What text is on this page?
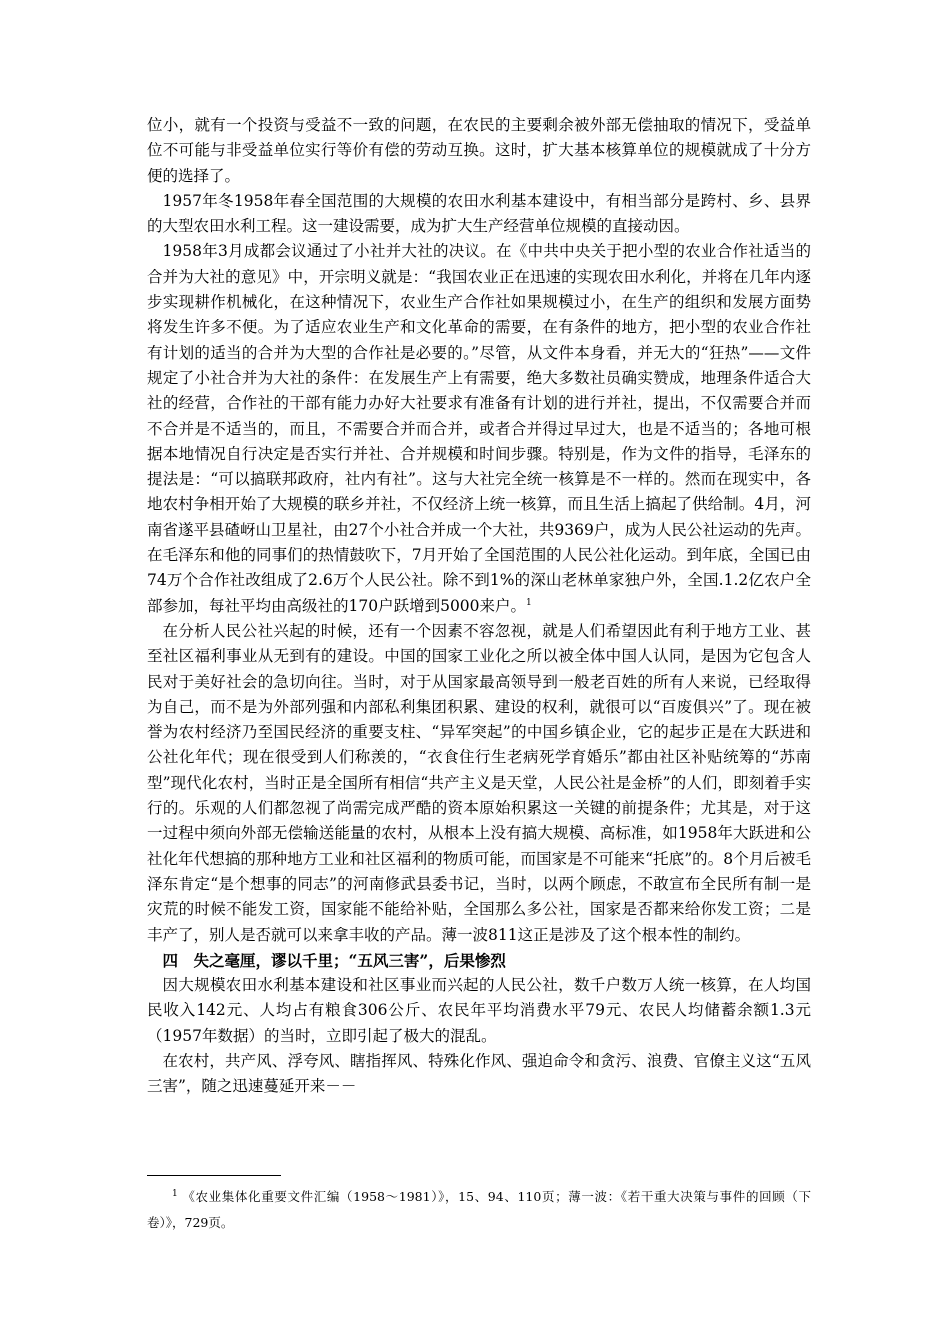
位小，就有一个投资与受益不一致的问题，在农民的主要剩余被外部无偿抽取的情况下，受益单位不可能与非受益单位实行等价有偿的劳动互换。这时，扩大基本核算单位的规模就成了十分方便的选择了。

1957年冬1958年春全国范围的大规模的农田水利基本建设中，有相当部分是跨村、乡、县界的大型农田水利工程。这一建设需要，成为扩大生产经营单位规模的直接动因。

1958年3月成都会议通过了小社并大社的决议。在《中共中央关于把小型的农业合作社适当的合并为大社的意见》中，开宗明义就是：“我国农业正在迅速的实现农田水利化，并将在几年内逐步实现耕作机械化，在这种情况下，农业生产合作社如果规模过小，在生产的组织和发展方面势将发生许多不便。为了适应农业生产和文化革命的需要，在有条件的地方，把小型的农业合作社有计划的适当的合并为大型的合作社是必要的。”尽管，从文件本身看，并无大的“狂热”——文件规定了小社合并为大社的条件：在发展生产上有需要，绝大多数社员确实赞成，地理条件适合大社的经营，合作社的干部有能力办好大社要求有准备有计划的进行并社，提出，不仅需要合并而不合并是不适当的，而且，不需要合并而合并，或者合并得过早过大，也是不适当的；各地可根据本地情况自行决定是否实行并社、合并规模和时间步骤。特别是，作为文件的指导，毛泽东的提法是：“可以搞联邦政府，社内有社”。这与大社完全统一核算是不一样的。然而在现实中，各地农村争相开始了大规模的联乡并社，不仅经济上统一核算，而且生活上搞起了供给制。4月，河南省遂平县碴岈山卫星社，由27个小社合并成一个大社，共9369户，成为人民公社运动的先声。在毛泽东和他的同事们的热情鼓吹下，7月开始了全国范围的人民公社化运动。到年底，全国已由74万个合作社改组成了2.6万个人民公社。除不到1%的深山老林单家独户外，全国.1.2亿农户全部参加，每社平均由高级社的170户跃增到5000来户。$^1$

在分析人民公社兴起的时候，还有一个因素不容忽视，就是人们希望因此有利于地方工业、甚至社区福利事业从无到有的建设。中国的国家工业化之所以被全体中国人认同，是因为它包含人民对于美好社会的急切向往。当时，对于从国家最高领导到一般老百姓的所有人来说，已经取得为自己，而不是为外部列强和内部私利集团积累、建设的权利，就很可以“百废俱兴”了。现在被誉为农村经济乃至国民经济的重要支柱、“异军突起”的中国乡镇企业，它的起步正是在大跃进和公社化年代；现在很受到人们称羡的，“衣食住行生老病死学育婚乐”都由社区补贴统筹的“苏南型”现代化农村，当时正是全国所有相信“共产主义是天堂，人民公社是金桥”的人们，即刻着手实行的。乐观的人们都忽视了尚需完成严酷的资本原始积累这一关键的前提条件；尤其是，对于这一过程中须向外部无偿输送能量的农村，从根本上没有搞大规模、高标准，如1958年大跃进和公社化年代想搞的那种地方工业和社区福利的物质可能，而国家是不可能来“托底”的。8个月后被毛泽东肯定“是个想事的同志”的河南修武县委书记，当时，以两个顾虑，不敢宣布全民所有制一是灾荒的时候不能发工资，国家能不能给补贴，全国那么多公社，国家是否都来给你发工资；二是丰产了，别人是否就可以来拿丰收的产品。薄一波811这正是涉及了这个根本性的制约。

四　失之毫厘，谬以千里；“五风三害”，后果惨烈

因大规模农田水利基本建设和社区事业而兴起的人民公社，数千户数万人统一核算，在人均国民收入142元、人均占有粮食306公斤、农民年平均消费水平79元、农民人均储蓄余额1.3元（1957年数据）的当时，立即引起了极大的混乱。

在农村，共产风、浮夸风、瞎指挥风、特殊化作风、强迫命令和贪污、浪费、官僚主义这“五风三害”，随之迅速蔓延开来－－

$^1$ 《农业集体化重要文件汇编（1958～1981）》，15、94、110页；薄一波：《若干重大决策与事件的回顾（下卷）》，729页。
